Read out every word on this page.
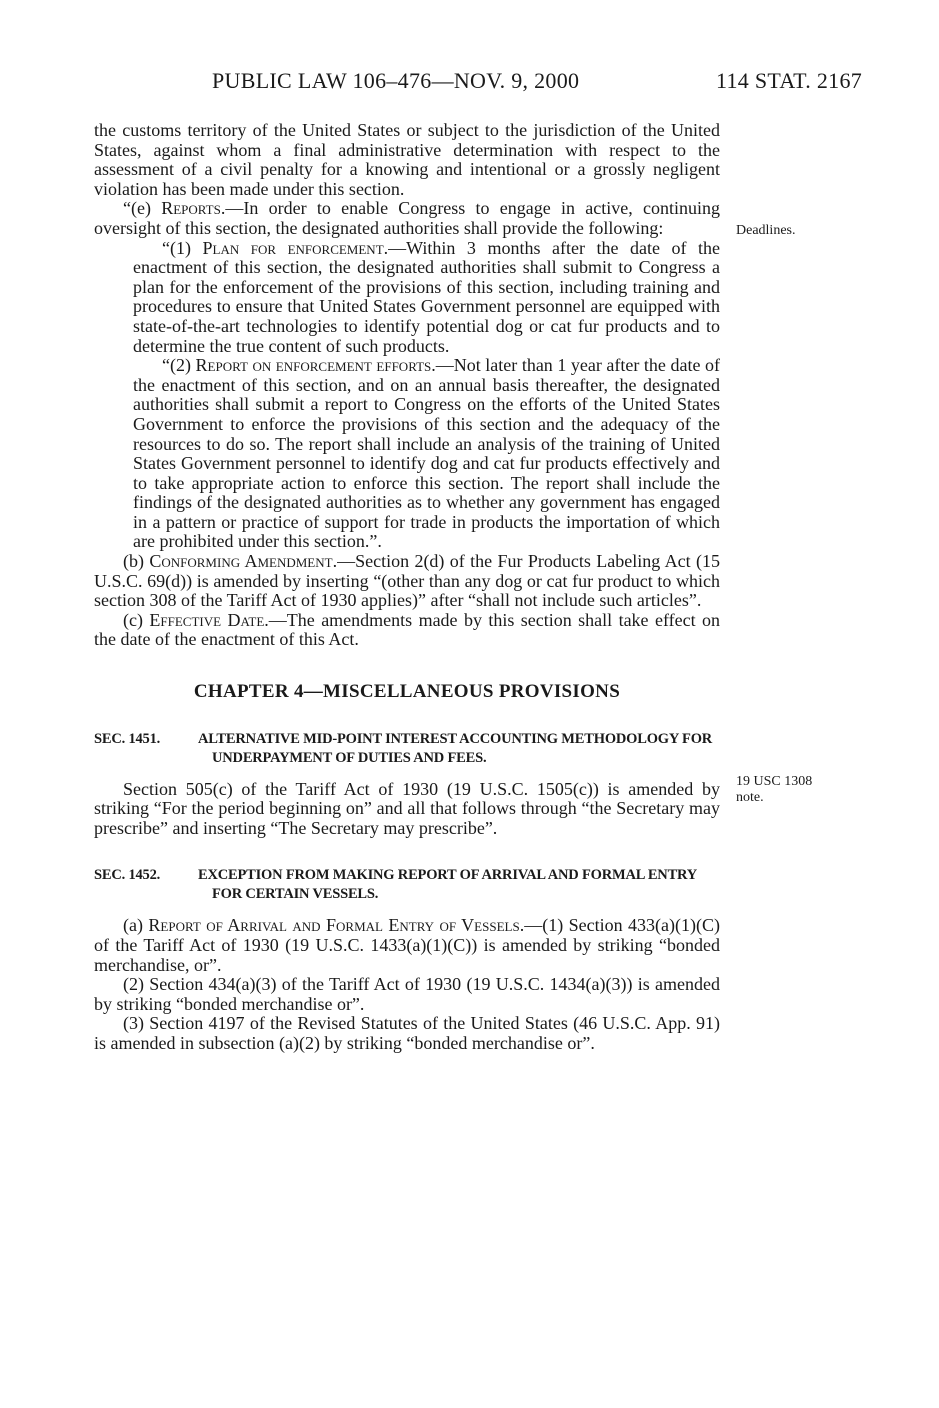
PUBLIC LAW 106–476—NOV. 9, 2000	114 STAT. 2167
Deadlines.
19 USC 1308
note.

the customs territory of the United States or subject to the jurisdiction of the United States, against whom a final administrative determination with respect to the assessment of a civil penalty for a knowing and intentional or a grossly negligent violation has been made under this section.

“(e) Reports.—In order to enable Congress to engage in active, continuing oversight of this section, the designated authorities shall provide the following:

“(1) Plan for enforcement.—Within 3 months after the date of the enactment of this section, the designated authorities shall submit to Congress a plan for the enforcement of the provisions of this section, including training and procedures to ensure that United States Government personnel are equipped with state-of-the-art technologies to identify potential dog or cat fur products and to determine the true content of such products.

“(2) Report on enforcement efforts.—Not later than 1 year after the date of the enactment of this section, and on an annual basis thereafter, the designated authorities shall submit a report to Congress on the efforts of the United States Government to enforce the provisions of this section and the adequacy of the resources to do so. The report shall include an analysis of the training of United States Government personnel to identify dog and cat fur products effectively and to take appropriate action to enforce this section. The report shall include the findings of the designated authorities as to whether any government has engaged in a pattern or practice of support for trade in products the importation of which are prohibited under this section.”.

(b) Conforming Amendment.—Section 2(d) of the Fur Products Labeling Act (15 U.S.C. 69(d)) is amended by inserting “(other than any dog or cat fur product to which section 308 of the Tariff Act of 1930 applies)” after “shall not include such articles”.

(c) Effective Date.—The amendments made by this section shall take effect on the date of the enactment of this Act.

CHAPTER 4—MISCELLANEOUS PROVISIONS
SEC. 1451.	ALTERNATIVE MID-POINT INTEREST ACCOUNTING METHODOLOGY FOR UNDERPAYMENT OF DUTIES AND FEES.

Section 505(c) of the Tariff Act of 1930 (19 U.S.C. 1505(c)) is amended by striking “For the period beginning on” and all that follows through “the Secretary may prescribe” and inserting “The Secretary may prescribe”.

SEC. 1452.	EXCEPTION FROM MAKING REPORT OF ARRIVAL AND FORMAL ENTRY FOR CERTAIN VESSELS.

(a) Report of Arrival and Formal Entry of Vessels.—(1) Section 433(a)(1)(C) of the Tariff Act of 1930 (19 U.S.C. 1433(a)(1)(C)) is amended by striking “bonded merchandise, or”.

(2) Section 434(a)(3) of the Tariff Act of 1930 (19 U.S.C. 1434(a)(3)) is amended by striking “bonded merchandise or”.

(3) Section 4197 of the Revised Statutes of the United States (46 U.S.C. App. 91) is amended in subsection (a)(2) by striking “bonded merchandise or”.
